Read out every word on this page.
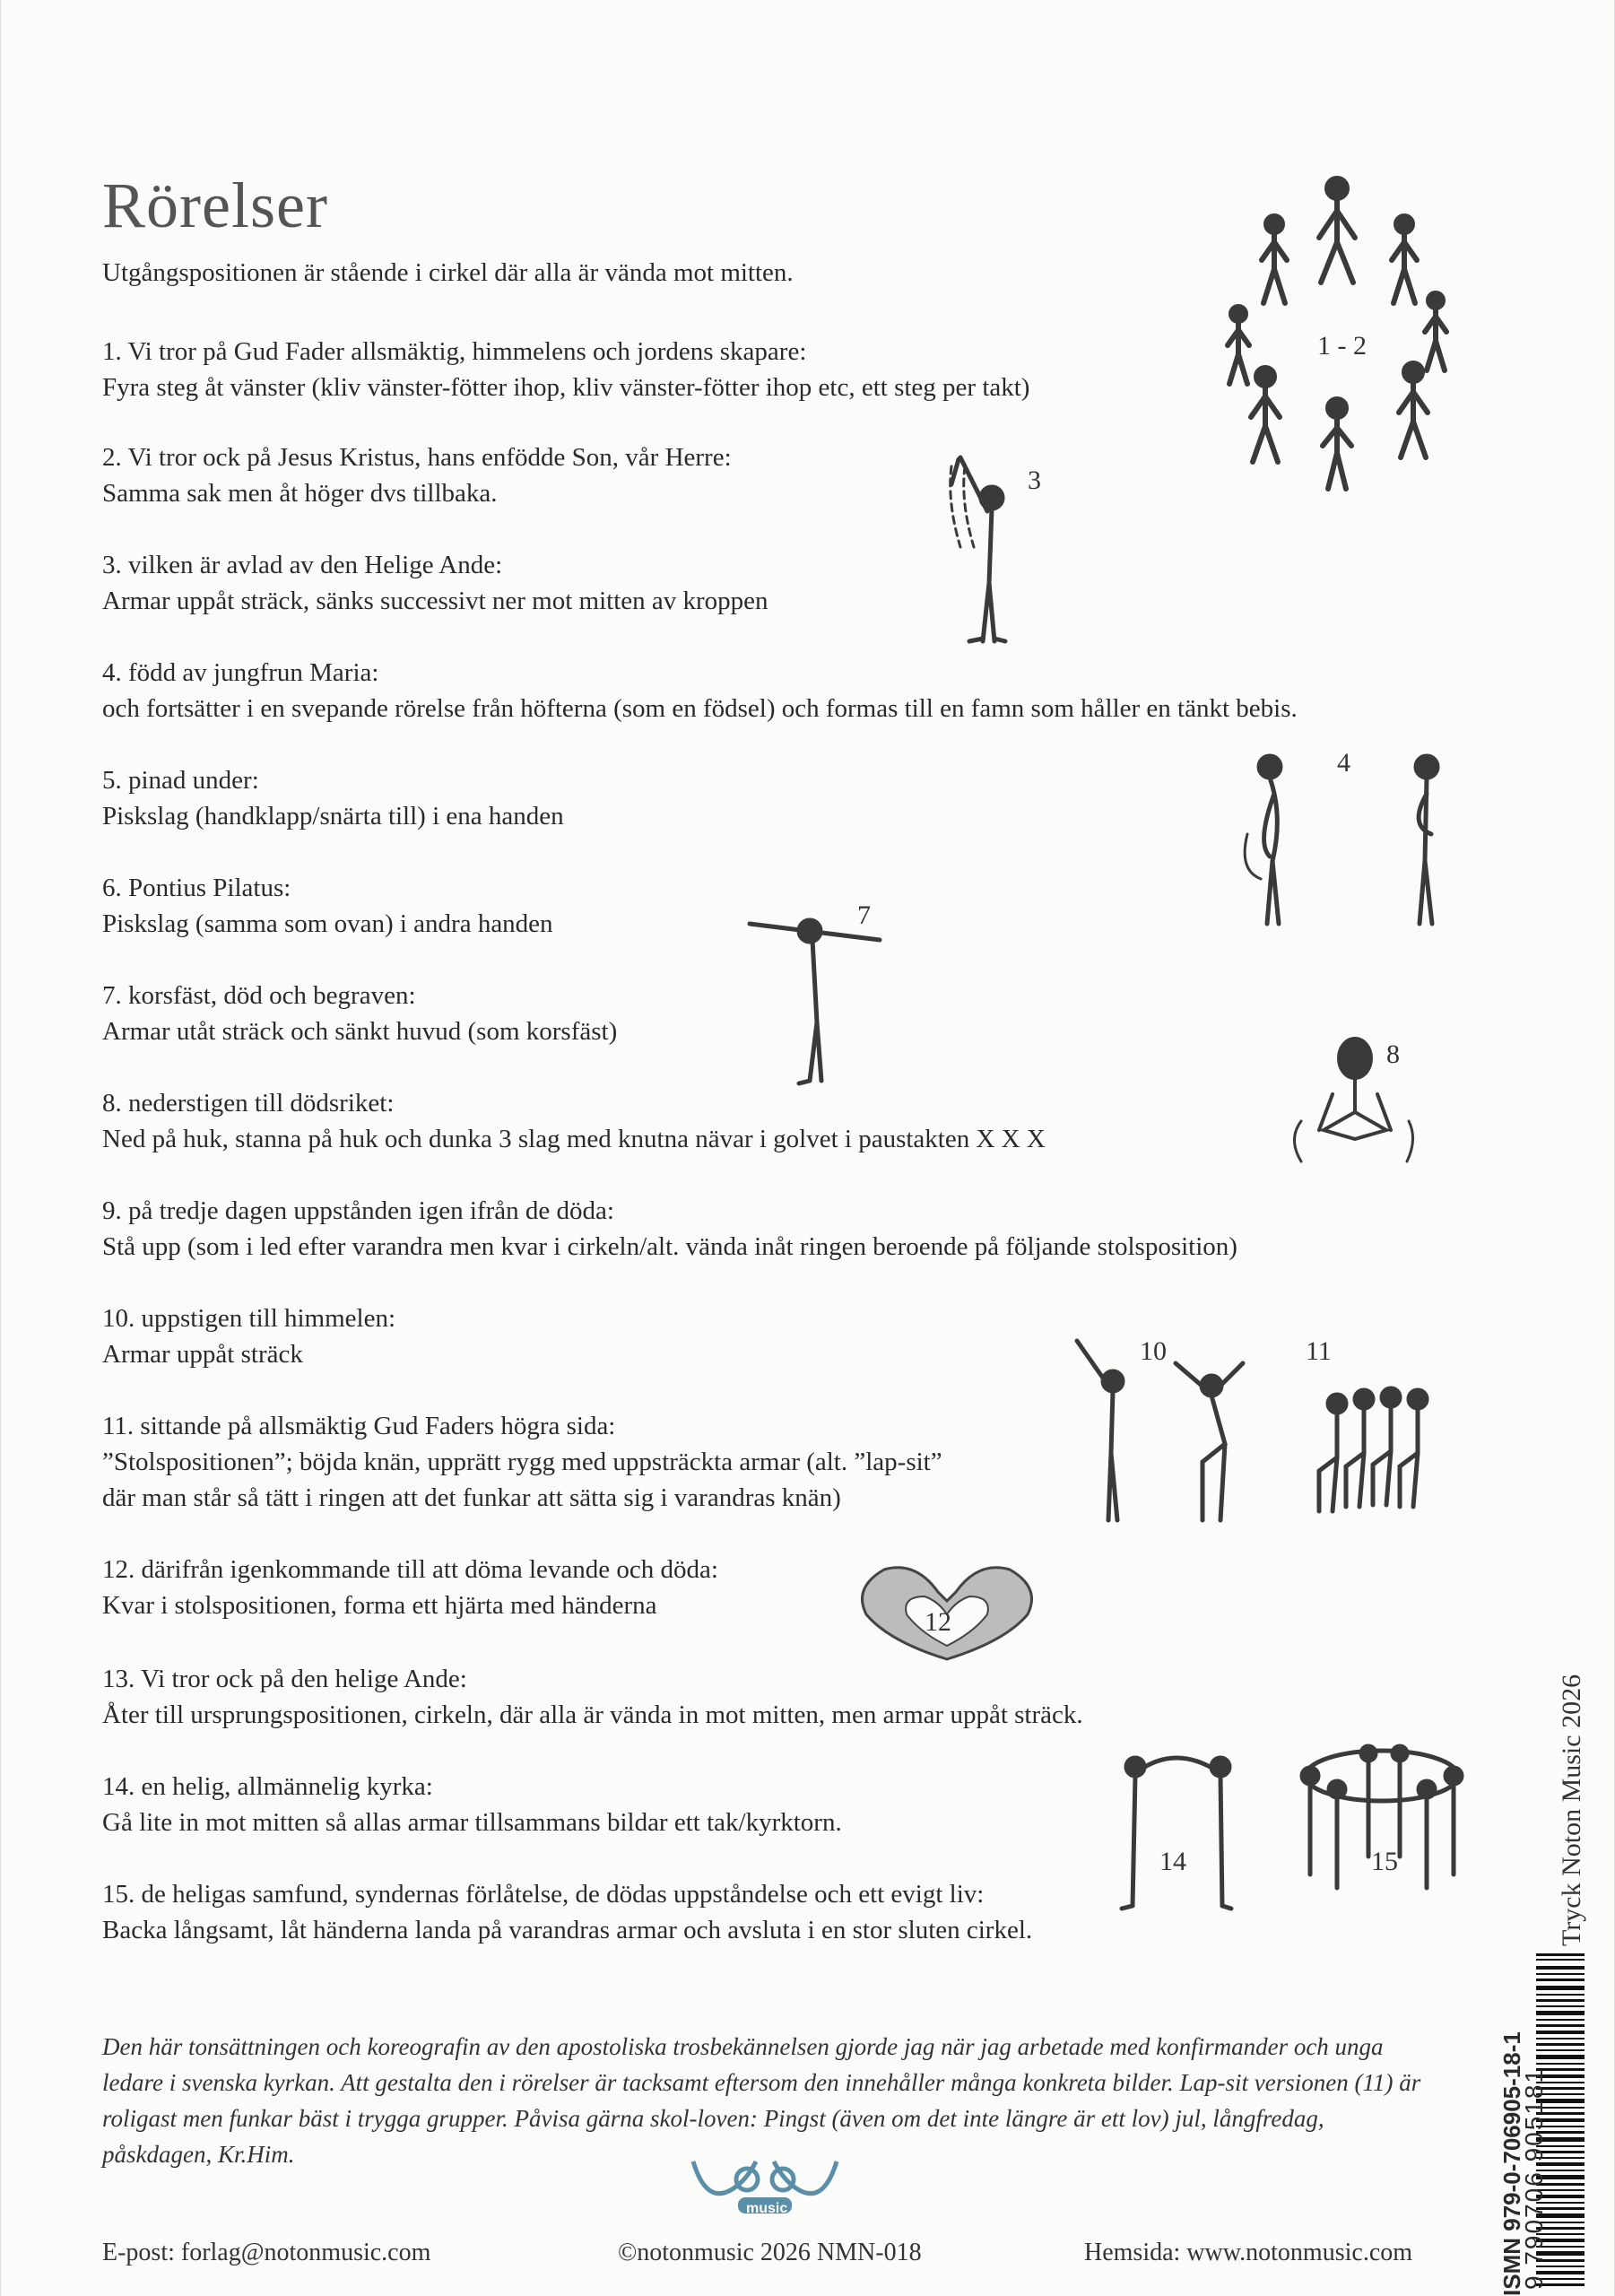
Rörelser
Utgångspositionen är stående i cirkel där alla är vända mot mitten.
1. Vi tror på Gud Fader allsmäktig, himmelens och jordens skapare:
Fyra steg åt vänster (kliv vänster-fötter ihop, kliv vänster-fötter ihop etc, ett steg per takt)
2. Vi tror ock på Jesus Kristus, hans enfödde Son, vår Herre:
Samma sak men åt höger dvs tillbaka.
3. vilken är avlad av den Helige Ande:
Armar uppåt sträck, sänks successivt ner mot mitten av kroppen
4. född av jungfrun Maria:
och fortsätter i en svepande rörelse från höfterna (som en födsel) och formas till en famn som håller en tänkt bebis.
5. pinad under:
Piskslag (handklapp/snärta till) i ena handen
6. Pontius Pilatus:
Piskslag (samma som ovan) i andra handen
7. korsfäst, död och begraven:
Armar utåt sträck och sänkt huvud (som korsfäst)
8. nederstigen till dödsriket:
Ned på huk, stanna på huk och dunka 3 slag med knutna nävar i golvet i paustakten X X X
9. på tredje dagen uppstånden igen ifrån de döda:
Stå upp (som i led efter varandra men kvar i cirkeln/alt. vända inåt ringen beroende på följande stolsposition)
10. uppstigen till himmelen:
Armar uppåt sträck
11. sittande på allsmäktig Gud Faders högra sida:
”Stolspositionen”; böjda knän, upprätt rygg med uppsträckta armar (alt. ”lap-sit”
där man står så tätt i ringen att det funkar att sätta sig i varandras knän)
12. därifrån igenkommande till att döma levande och döda:
Kvar i stolspositionen, forma ett hjärta med händerna
13. Vi tror ock på den helige Ande:
Åter till ursprungspositionen, cirkeln, där alla är vända in mot mitten, men armar uppåt sträck.
14. en helig, allmännelig kyrka:
Gå lite in mot mitten så allas armar tillsammans bildar ett tak/kyrktorn.
15. de heligas samfund, syndernas förlåtelse, de dödas uppståndelse och ett evigt liv:
Backa långsamt, låt händerna landa på varandras armar och avsluta i en stor sluten cirkel.
1 - 2
3
4
7
8
10	11
12
14	15
Den här tonsättningen och koreografin av den apostoliska trosbekännelsen gjorde jag när jag arbetade med konfirmander och unga ledare i svenska kyrkan. Att gestalta den i rörelser är tacksamt eftersom den innehåller många konkreta bilder. Lap-sit versionen (11) är roligast men funkar bäst i trygga grupper. Påvisa gärna skol-loven: Pingst (även om det inte längre är ett lov) jul, långfredag, påskdagen, Kr.Him.
music
E-post: forlag@notonmusic.com	©notonmusic 2026 NMN-018	Hemsida: www.notonmusic.com
Tryck Noton Music 2026
ISMN 979-0-706905-18-1
9 790706 905181
